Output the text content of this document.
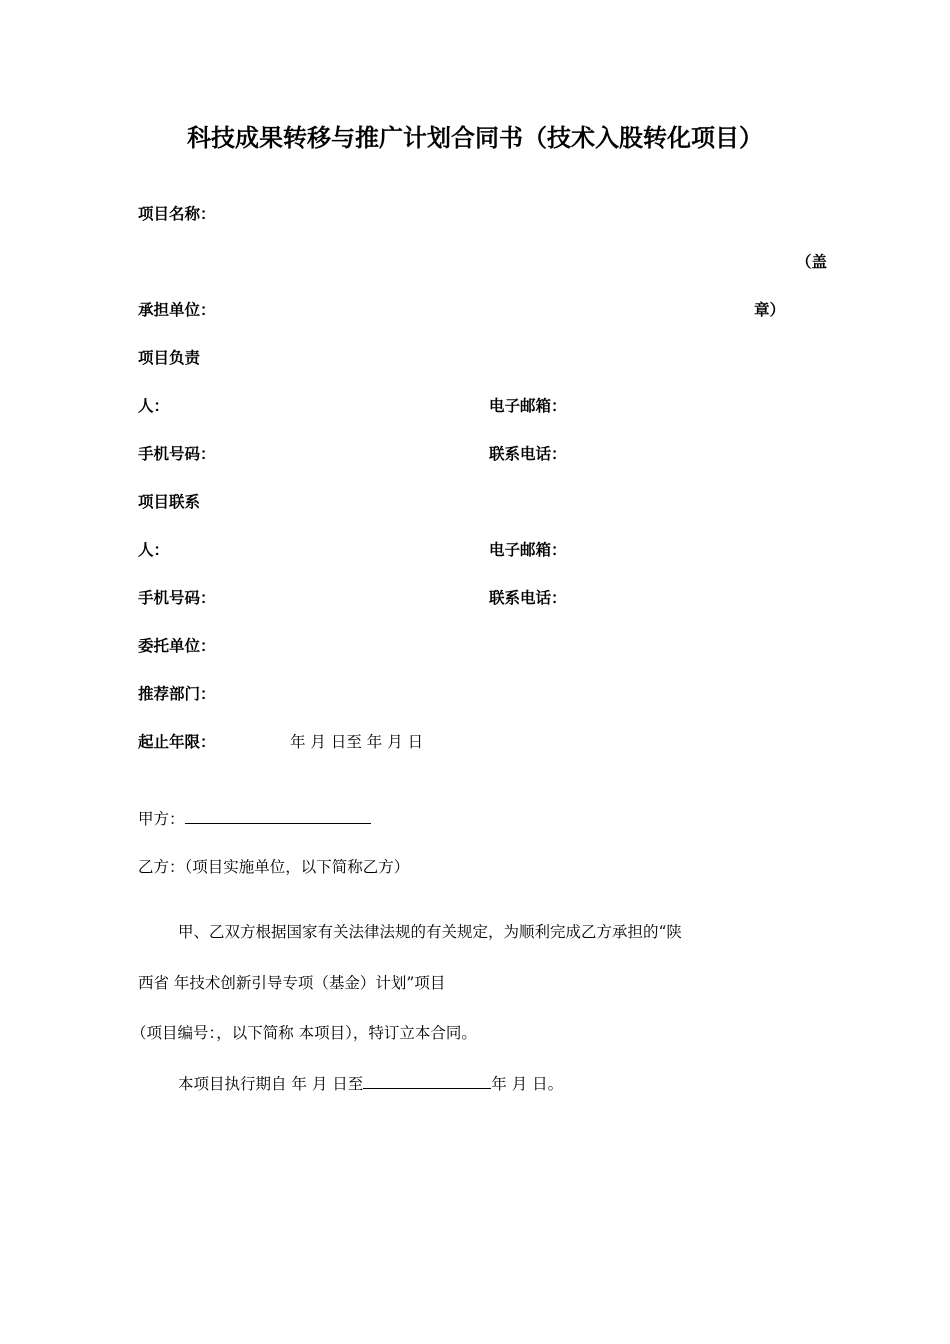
科技成果转移与推广计划合同书（技术入股转化项目）
项目名称：
（盖
承担单位：	章）
项目负责
人：	电子邮箱：
手机号码：	联系电话：
项目联系
人：	电子邮箱：
手机号码：	联系电话：
委托单位：
推荐部门：
起止年限：	年 月 日至 年 月 日
甲方：
乙方：（项目实施单位，以下简称乙方）
甲、乙双方根据国家有关法律法规的有关规定，为顺利完成乙方承担的“陕
西省 年技术创新引导专项（基金）计划”项目
（项目编号：，以下简称 本项目），特订立本合同。
本项目执行期自 年 月 日至	年 月 日。
